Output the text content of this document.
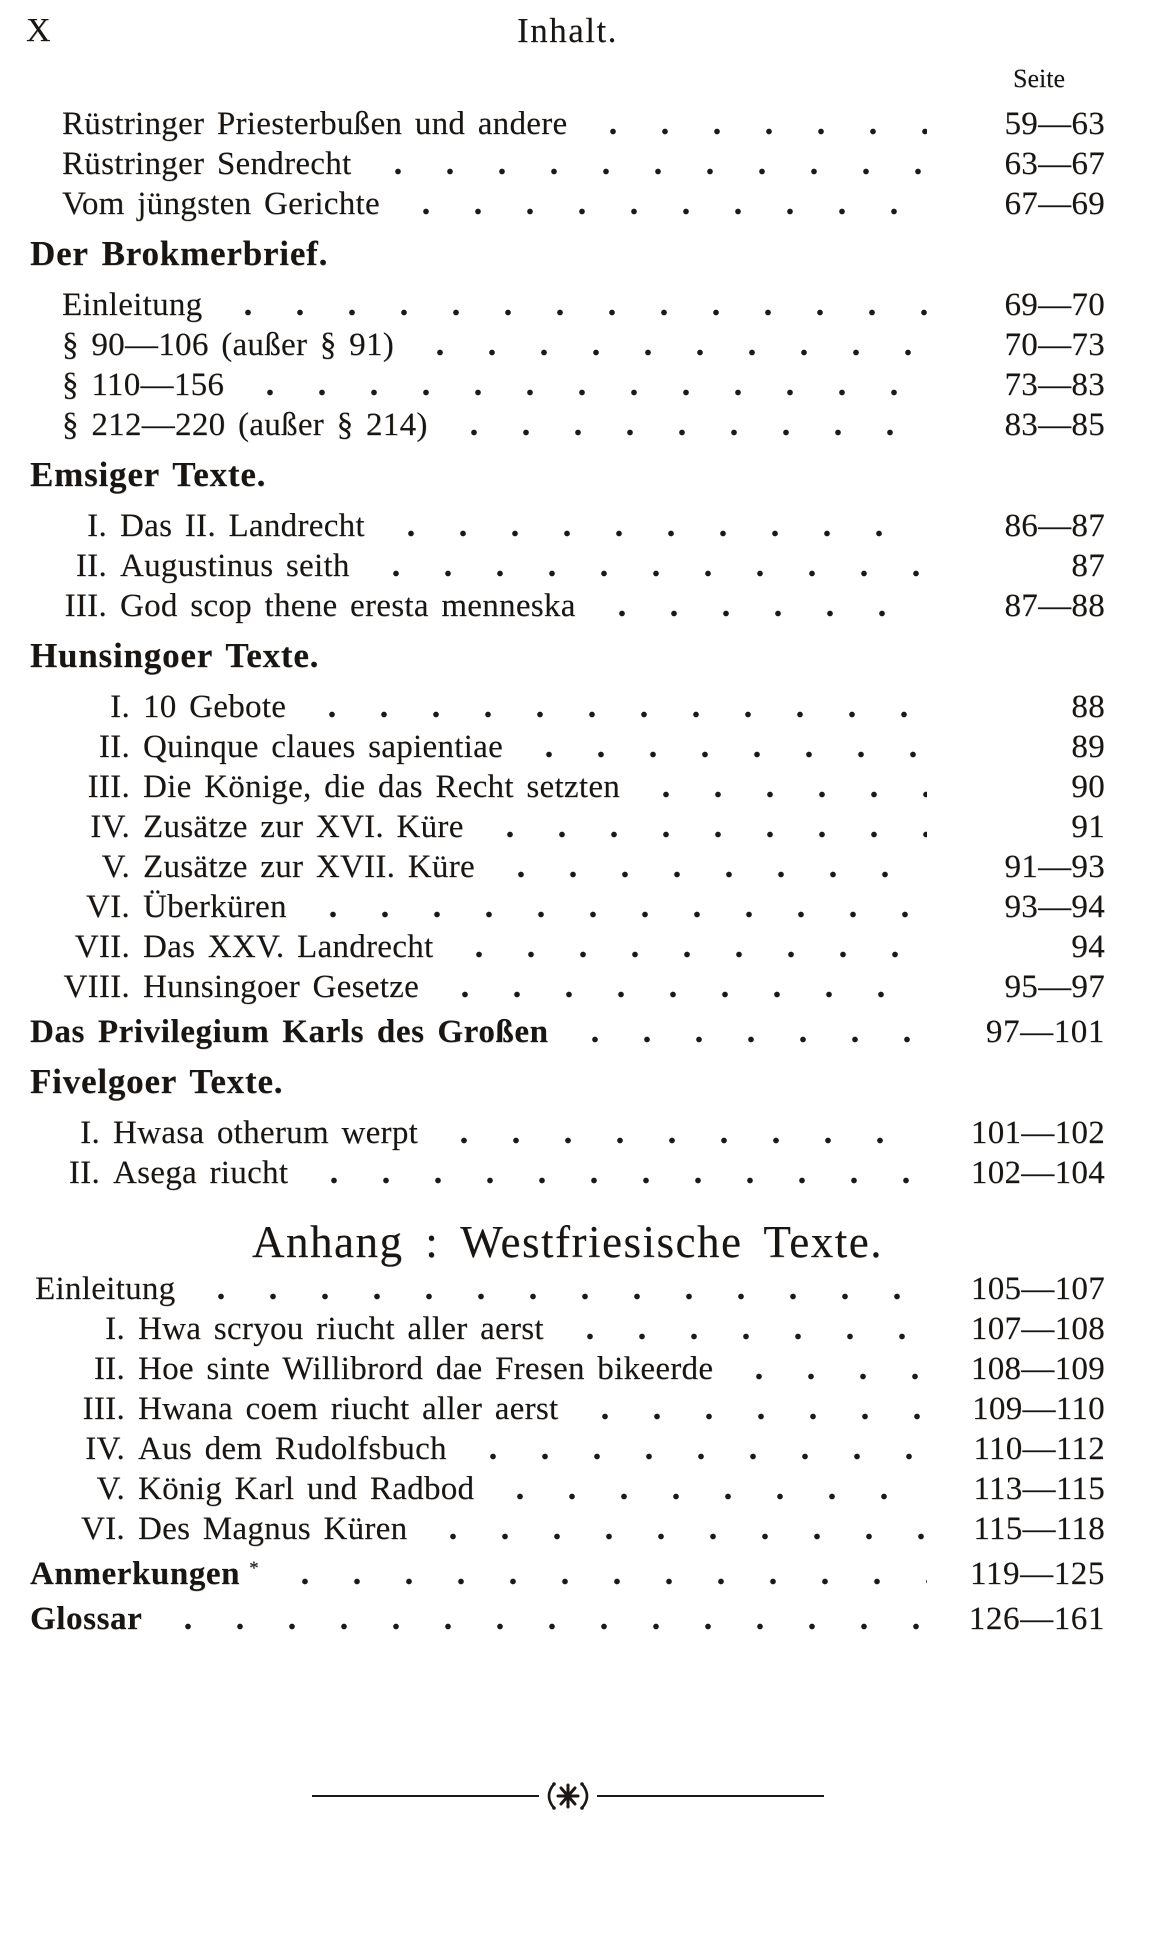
X	Inhalt.
Seite
Rüstringer Priesterbußen und andere	59—63
Rüstringer Sendrecht	63—67
Vom jüngsten Gerichte	67—69
Der Brokmerbrief.
Einleitung	69—70
§ 90—106 (außer § 91)	70—73
§ 110—156	73—83
§ 212—220 (außer § 214)	83—85
Emsiger Texte.
I. Das II. Landrecht	86—87
II. Augustinus seith	87
III. God scop thene eresta menneska	87—88
Hunsingoer Texte.
I. 10 Gebote	88
II. Quinque claues sapientiae	89
III. Die Könige, die das Recht setzten	90
IV. Zusätze zur XVI. Küre	91
V. Zusätze zur XVII. Küre	91—93
VI. Überküren	93—94
VII. Das XXV. Landrecht	94
VIII. Hunsingoer Gesetze	95—97
Das Privilegium Karls des Großen	97—101
Fivelgoer Texte.
I. Hwasa otherum werpt	101—102
II. Asega riucht	102—104
Anhang : Westfriesische Texte.
Einleitung	105—107
I. Hwa scryou riucht aller aerst	107—108
II. Hoe sinte Willibrord dae Fresen bikeerde	108—109
III. Hwana coem riucht aller aerst	109—110
IV. Aus dem Rudolfsbuch	110—112
V. König Karl und Radbod	113—115
VI. Des Magnus Küren	115—118
Anmerkungen *	119—125
Glossar	126—161
